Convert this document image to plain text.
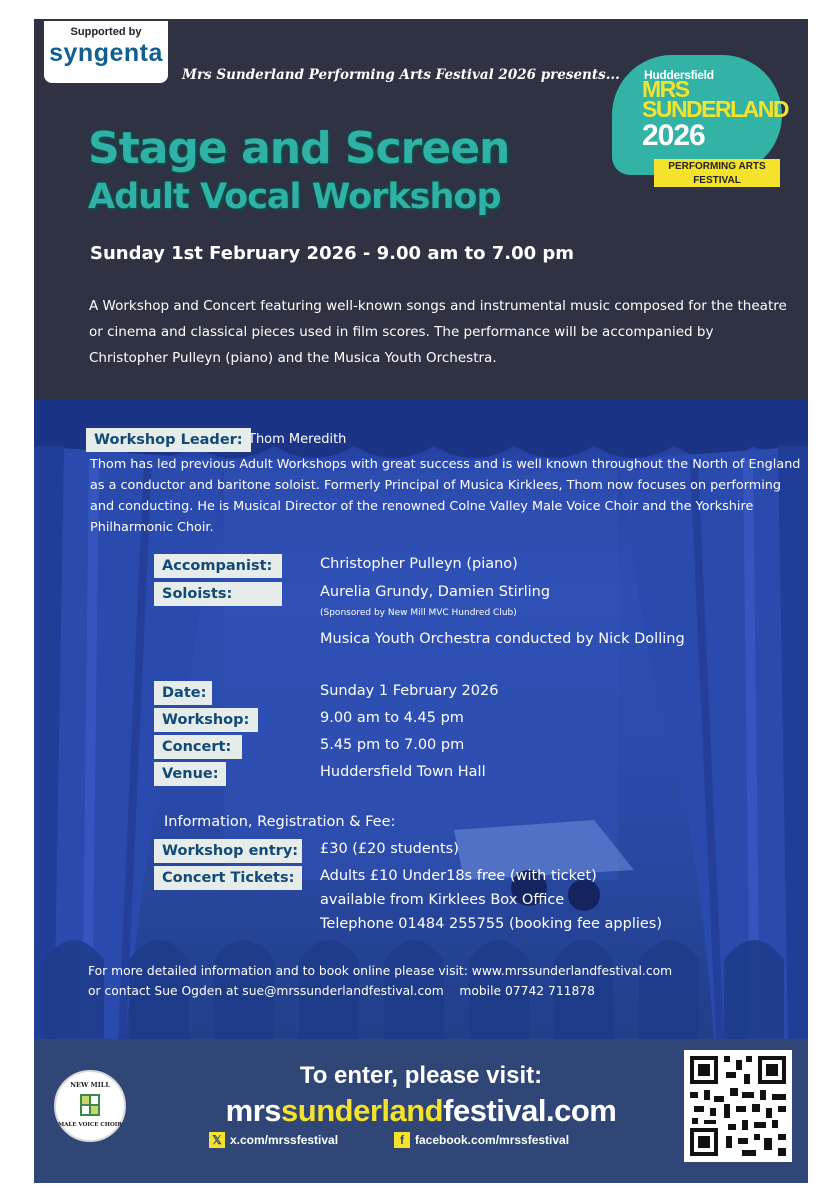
Supported by
syngenta
Mrs Sunderland Performing Arts Festival 2026 presents... Huddersfield
MRS
SUNDERLAND
2026
PERFORMING ARTS
FESTIVAL
Stage and Screen
Adult Vocal Workshop
Sunday 1st February 2026 - 9.00 am to 7.00 pm
A Workshop and Concert featuring well-known songs and instrumental music composed for the theatre or cinema and classical pieces used in film scores. The performance will be accompanied by Christopher Pulleyn (piano) and the Musica Youth Orchestra.
Workshop Leader: Thom Meredith
Thom has led previous Adult Workshops with great success and is well known throughout the North of England as a conductor and baritone soloist. Formerly Principal of Musica Kirklees, Thom now focuses on performing and conducting. He is Musical Director of the renowned Colne Valley Male Voice Choir and the Yorkshire Philharmonic Choir.
Accompanist:	Christopher Pulleyn (piano)
Soloists:	Aurelia Grundy, Damien Stirling
(Sponsored by New Mill MVC Hundred Club)
Musica Youth Orchestra conducted by Nick Dolling
Date:	Sunday 1 February 2026
Workshop:	9.00 am to 4.45 pm
Concert:	5.45 pm to 7.00 pm
Venue:	Huddersfield Town Hall
Information, Registration & Fee:
Workshop entry: £30 (£20 students)
Concert Tickets:	Adults £10 Under18s free (with ticket)
available from Kirklees Box Office
Telephone 01484 255755 (booking fee applies)
For more detailed information and to book online please visit: www.mrssunderlandfestival.com
or contact Sue Ogden at sue@mrssunderlandfestival.com    mobile 07742 711878
NEW MILL
MALE VOICE CHOIR
To enter, please visit:
mrssunderlandfestival.com
𝕏 x.com/mrssfestival	f facebook.com/mrssfestival
